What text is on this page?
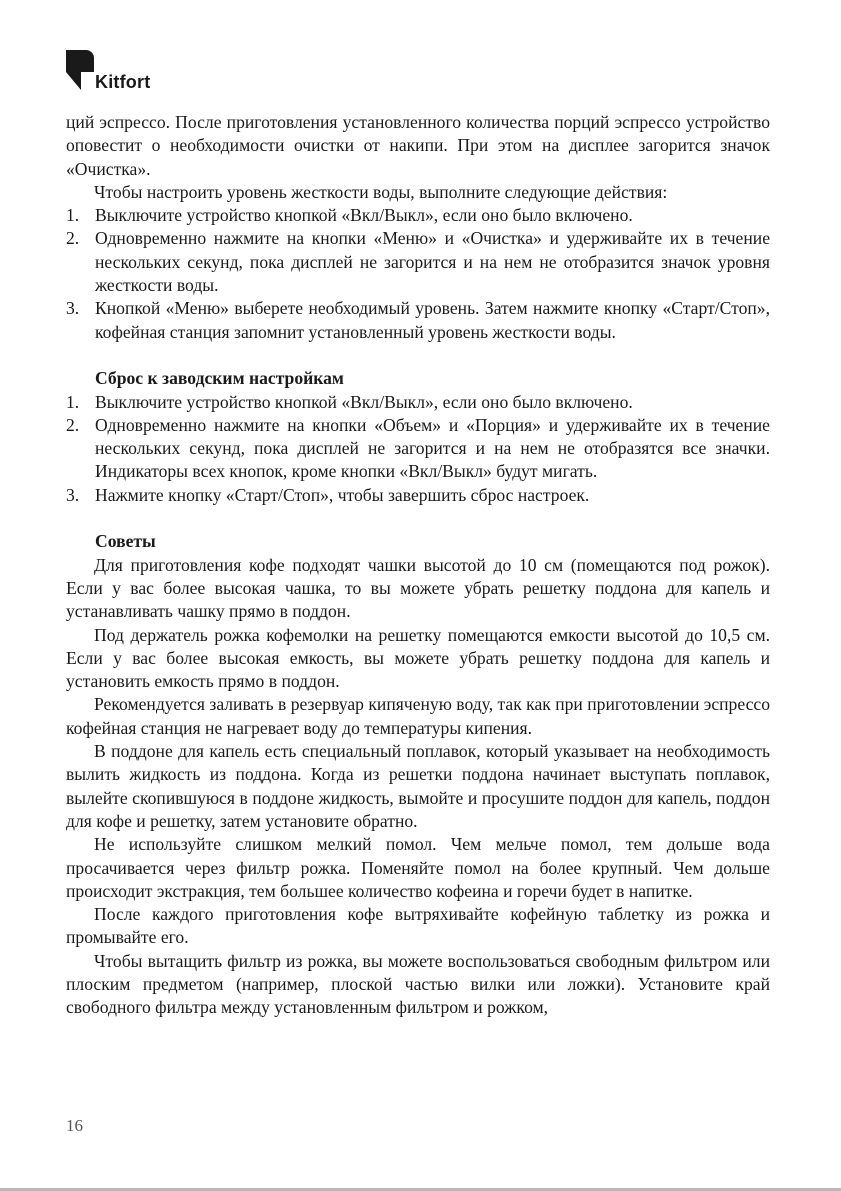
Kitfort

ций эспрессо. После приготовления установленного количества порций эспрессо устройство оповестит о необходимости очистки от накипи. При этом на дисплее загорится значок «Очистка».

Чтобы настроить уровень жесткости воды, выполните следующие действия:

1. Выключите устройство кнопкой «Вкл/Выкл», если оно было включено.
2. Одновременно нажмите на кнопки «Меню» и «Очистка» и удерживайте их в течение нескольких секунд, пока дисплей не загорится и на нем не отобразится значок уровня жесткости воды.
3. Кнопкой «Меню» выберете необходимый уровень. Затем нажмите кнопку «Старт/Стоп», кофейная станция запомнит установленный уровень жесткости воды.
Сброс к заводским настройкам
1. Выключите устройство кнопкой «Вкл/Выкл», если оно было включено.
2. Одновременно нажмите на кнопки «Объем» и «Порция» и удерживайте их в течение нескольких секунд, пока дисплей не загорится и на нем не отобразятся все значки. Индикаторы всех кнопок, кроме кнопки «Вкл/Выкл» будут мигать.
3. Нажмите кнопку «Старт/Стоп», чтобы завершить сброс настроек.
Советы

Для приготовления кофе подходят чашки высотой до 10 см (помещаются под рожок). Если у вас более высокая чашка, то вы можете убрать решетку поддона для капель и устанавливать чашку прямо в поддон.

Под держатель рожка кофемолки на решетку помещаются емкости высотой до 10,5 см. Если у вас более высокая емкость, вы можете убрать решетку поддона для капель и установить емкость прямо в поддон.

Рекомендуется заливать в резервуар кипяченую воду, так как при приготовлении эспрессо кофейная станция не нагревает воду до температуры кипения.

В поддоне для капель есть специальный поплавок, который указывает на необходимость вылить жидкость из поддона. Когда из решетки поддона начинает выступать поплавок, вылейте скопившуюся в поддоне жидкость, вымойте и просушите поддон для капель, поддон для кофе и решетку, затем установите обратно.

Не используйте слишком мелкий помол. Чем мельче помол, тем дольше вода просачивается через фильтр рожка. Поменяйте помол на более крупный. Чем дольше происходит экстракция, тем большее количество кофеина и горечи будет в напитке.

После каждого приготовления кофе вытряхивайте кофейную таблетку из рожка и промывайте его.

Чтобы вытащить фильтр из рожка, вы можете воспользоваться свободным фильтром или плоским предметом (например, плоской частью вилки или ложки). Установите край свободного фильтра между установленным фильтром и рожком,

16
